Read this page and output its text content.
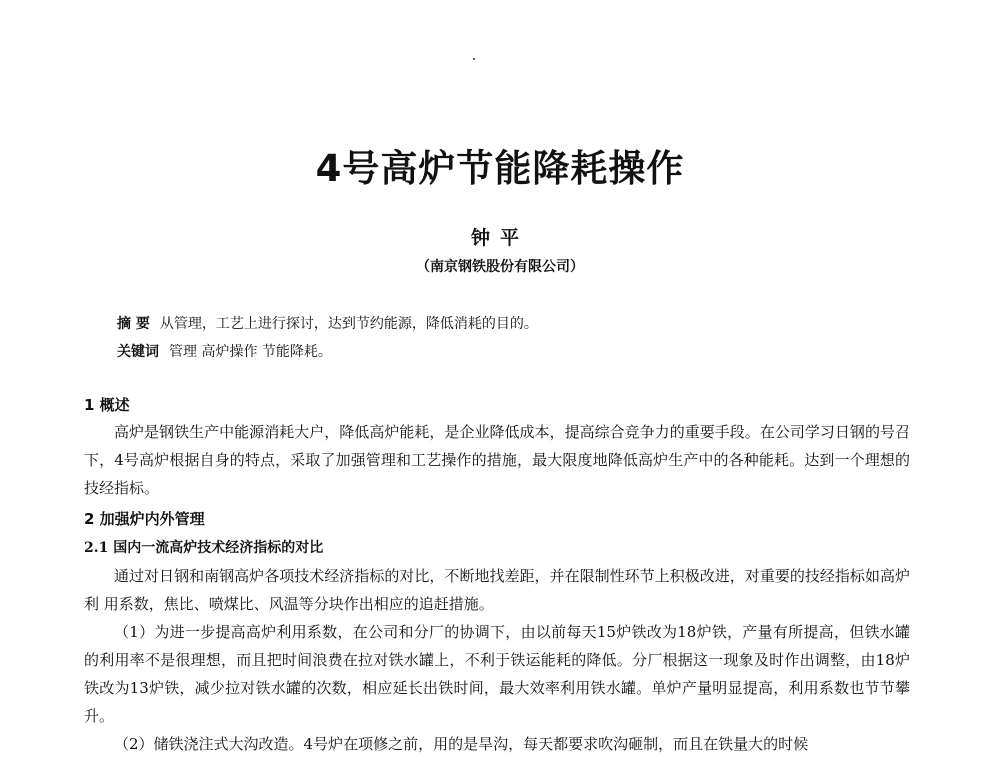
4号高炉节能降耗操作
钟平
（南京钢铁股份有限公司）
摘 要 从管理，工艺上进行探讨，达到节约能源，降低消耗的目的。
关键词 管理 高炉操作 节能降耗。
1 概述

高炉是钢铁生产中能源消耗大户，降低高炉能耗，是企业降低成本，提高综合竞争力的重要手段。在公司学习日钢的号召下，4号高炉根据自身的特点，采取了加强管理和工艺操作的措施，最大限度地降低高炉生产中的各种能耗。达到一个理想的技经指标。

2 加强炉内外管理
2.1 国内一流高炉技术经济指标的对比

通过对日钢和南钢高炉各项技术经济指标的对比，不断地找差距，并在限制性环节上积极改进，对重要的技经指标如高炉利 用系数，焦比、喷煤比、风温等分块作出相应的追赶措施。

（1）为进一步提高高炉利用系数，在公司和分厂的协调下，由以前每天15炉铁改为18炉铁，产量有所提高，但铁水罐的利用率不是很理想，而且把时间浪费在拉对铁水罐上，不利于铁运能耗的降低。分厂根据这一现象及时作出调整，由18炉铁改为13炉铁，减少拉对铁水罐的次数，相应延长出铁时间，最大效率利用铁水罐。单炉产量明显提高，利用系数也节节攀升。

（2）储铁浇注式大沟改造。4号炉在项修之前，用的是旱沟，每天都要求吹沟砸制，而且在铁量大的时候
